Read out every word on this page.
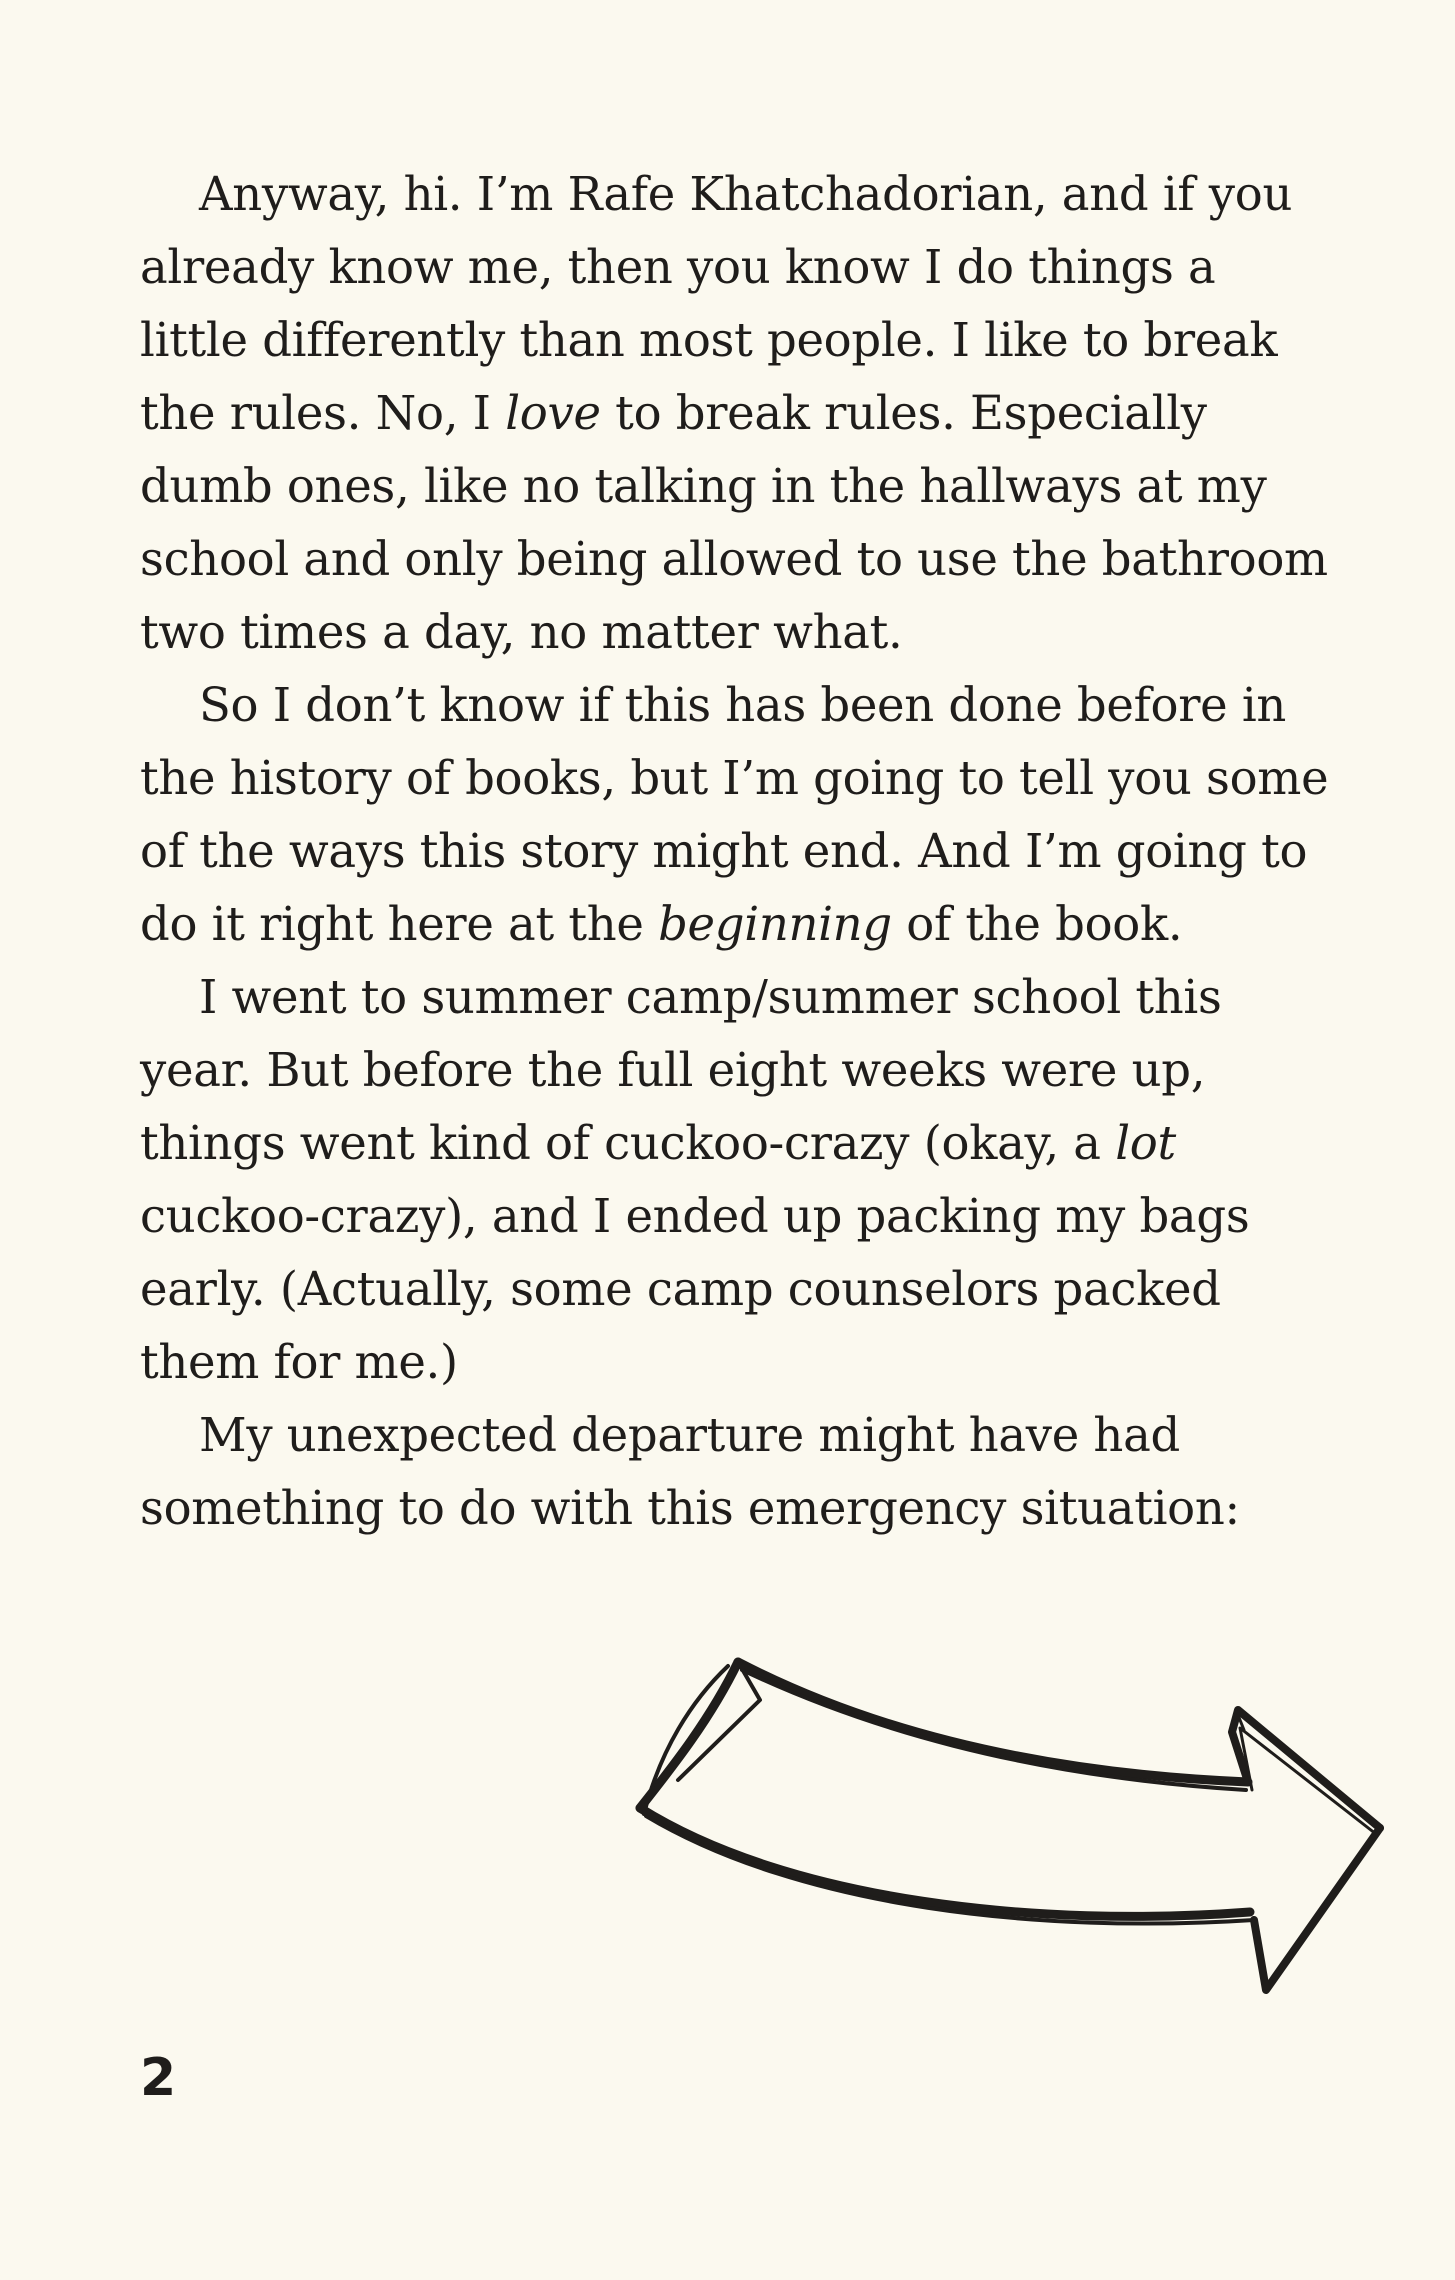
Anyway, hi. I’m Rafe Khatchadorian, and if you
already know me, then you know I do things a
little differently than most people. I like to break
the rules. No, I love to break rules. Especially
dumb ones, like no talking in the hallways at my
school and only being allowed to use the bathroom
two times a day, no matter what.
So I don’t know if this has been done before in
the history of books, but I’m going to tell you some
of the ways this story might end. And I’m going to
do it right here at the beginning of the book.
I went to summer camp/summer school this
year. But before the full eight weeks were up,
things went kind of cuckoo-crazy (okay, a lot
cuckoo-crazy), and I ended up packing my bags
early. (Actually, some camp counselors packed
them for me.)
My unexpected departure might have had
something to do with this emergency situation:
2
